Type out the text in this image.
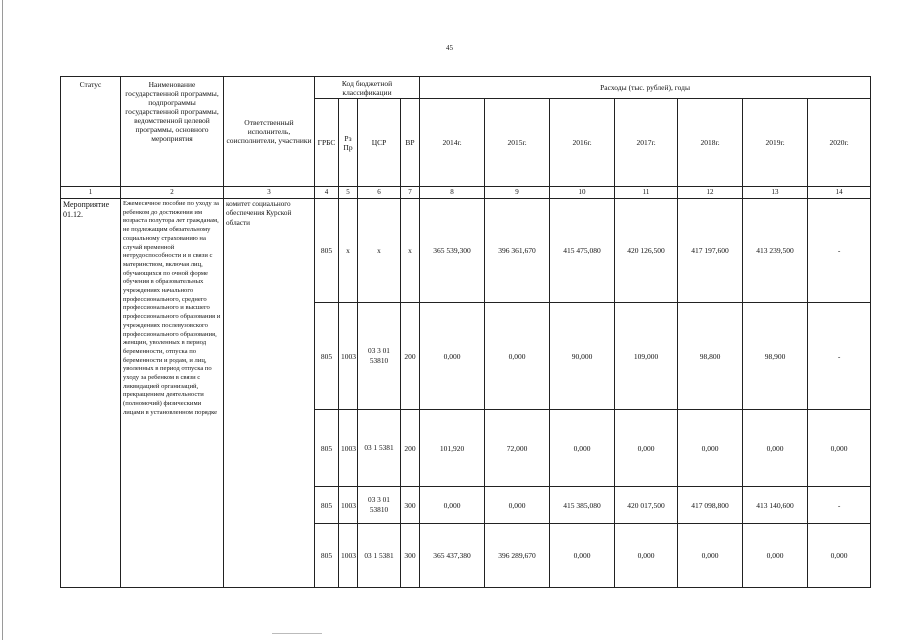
45
Статус	Наименование государственной программы, подпрограммы государственной программы, ведомственной целевой программы, основного мероприятия	Ответственный исполнитель, соисполнители, участники	Код бюджетной классификации				Расходы (тыс. рублей), годы						
			ГРБС	Рз Пр	ЦСР	ВР	2014г.	2015г.	2016г.	2017г.	2018г.	2019г.	2020г.
1	2	3	4	5	6	7	8	9	10	11	12	13	14
Мероприятие 01.12.	Ежемесячное пособие по уходу за ребенком до достижения им возраста полутора лет гражданам, не подлежащим обязательному социальному страхованию на случай временной нетрудоспособности и в связи с материнством, включая лиц, обучающихся по очной форме обучения в образовательных учреждениях начального профессионального, среднего профессионального и высшего профессионального образования и учреждениях послевузовского профессионального образования, женщин, уволенных в период беременности, отпуска по беременности и родам, и лиц, уволенных в период отпуска по уходу за ребенком в связи с ликвидацией организаций, прекращением деятельности (полномочий) физическими лицами в установленном порядке	комитет социального обеспечения Курской области	805	х	х	х	365 539,300	396 361,670	415 475,080	420 126,500	417 197,600	413 239,500	-
			805	1003	03 3 01 53810	200	0,000	0,000	90,000	109,000	98,800	98,900	-
			805	1003	03 1 5381	200	101,920	72,000	0,000	0,000	0,000	0,000	0,000
			805	1003	03 3 01 53810	300	0,000	0,000	415 385,080	420 017,500	417 098,800	413 140,600	-
			805	1003	03 1 5381	300	365 437,380	396 289,670	0,000	0,000	0,000	0,000	0,000
